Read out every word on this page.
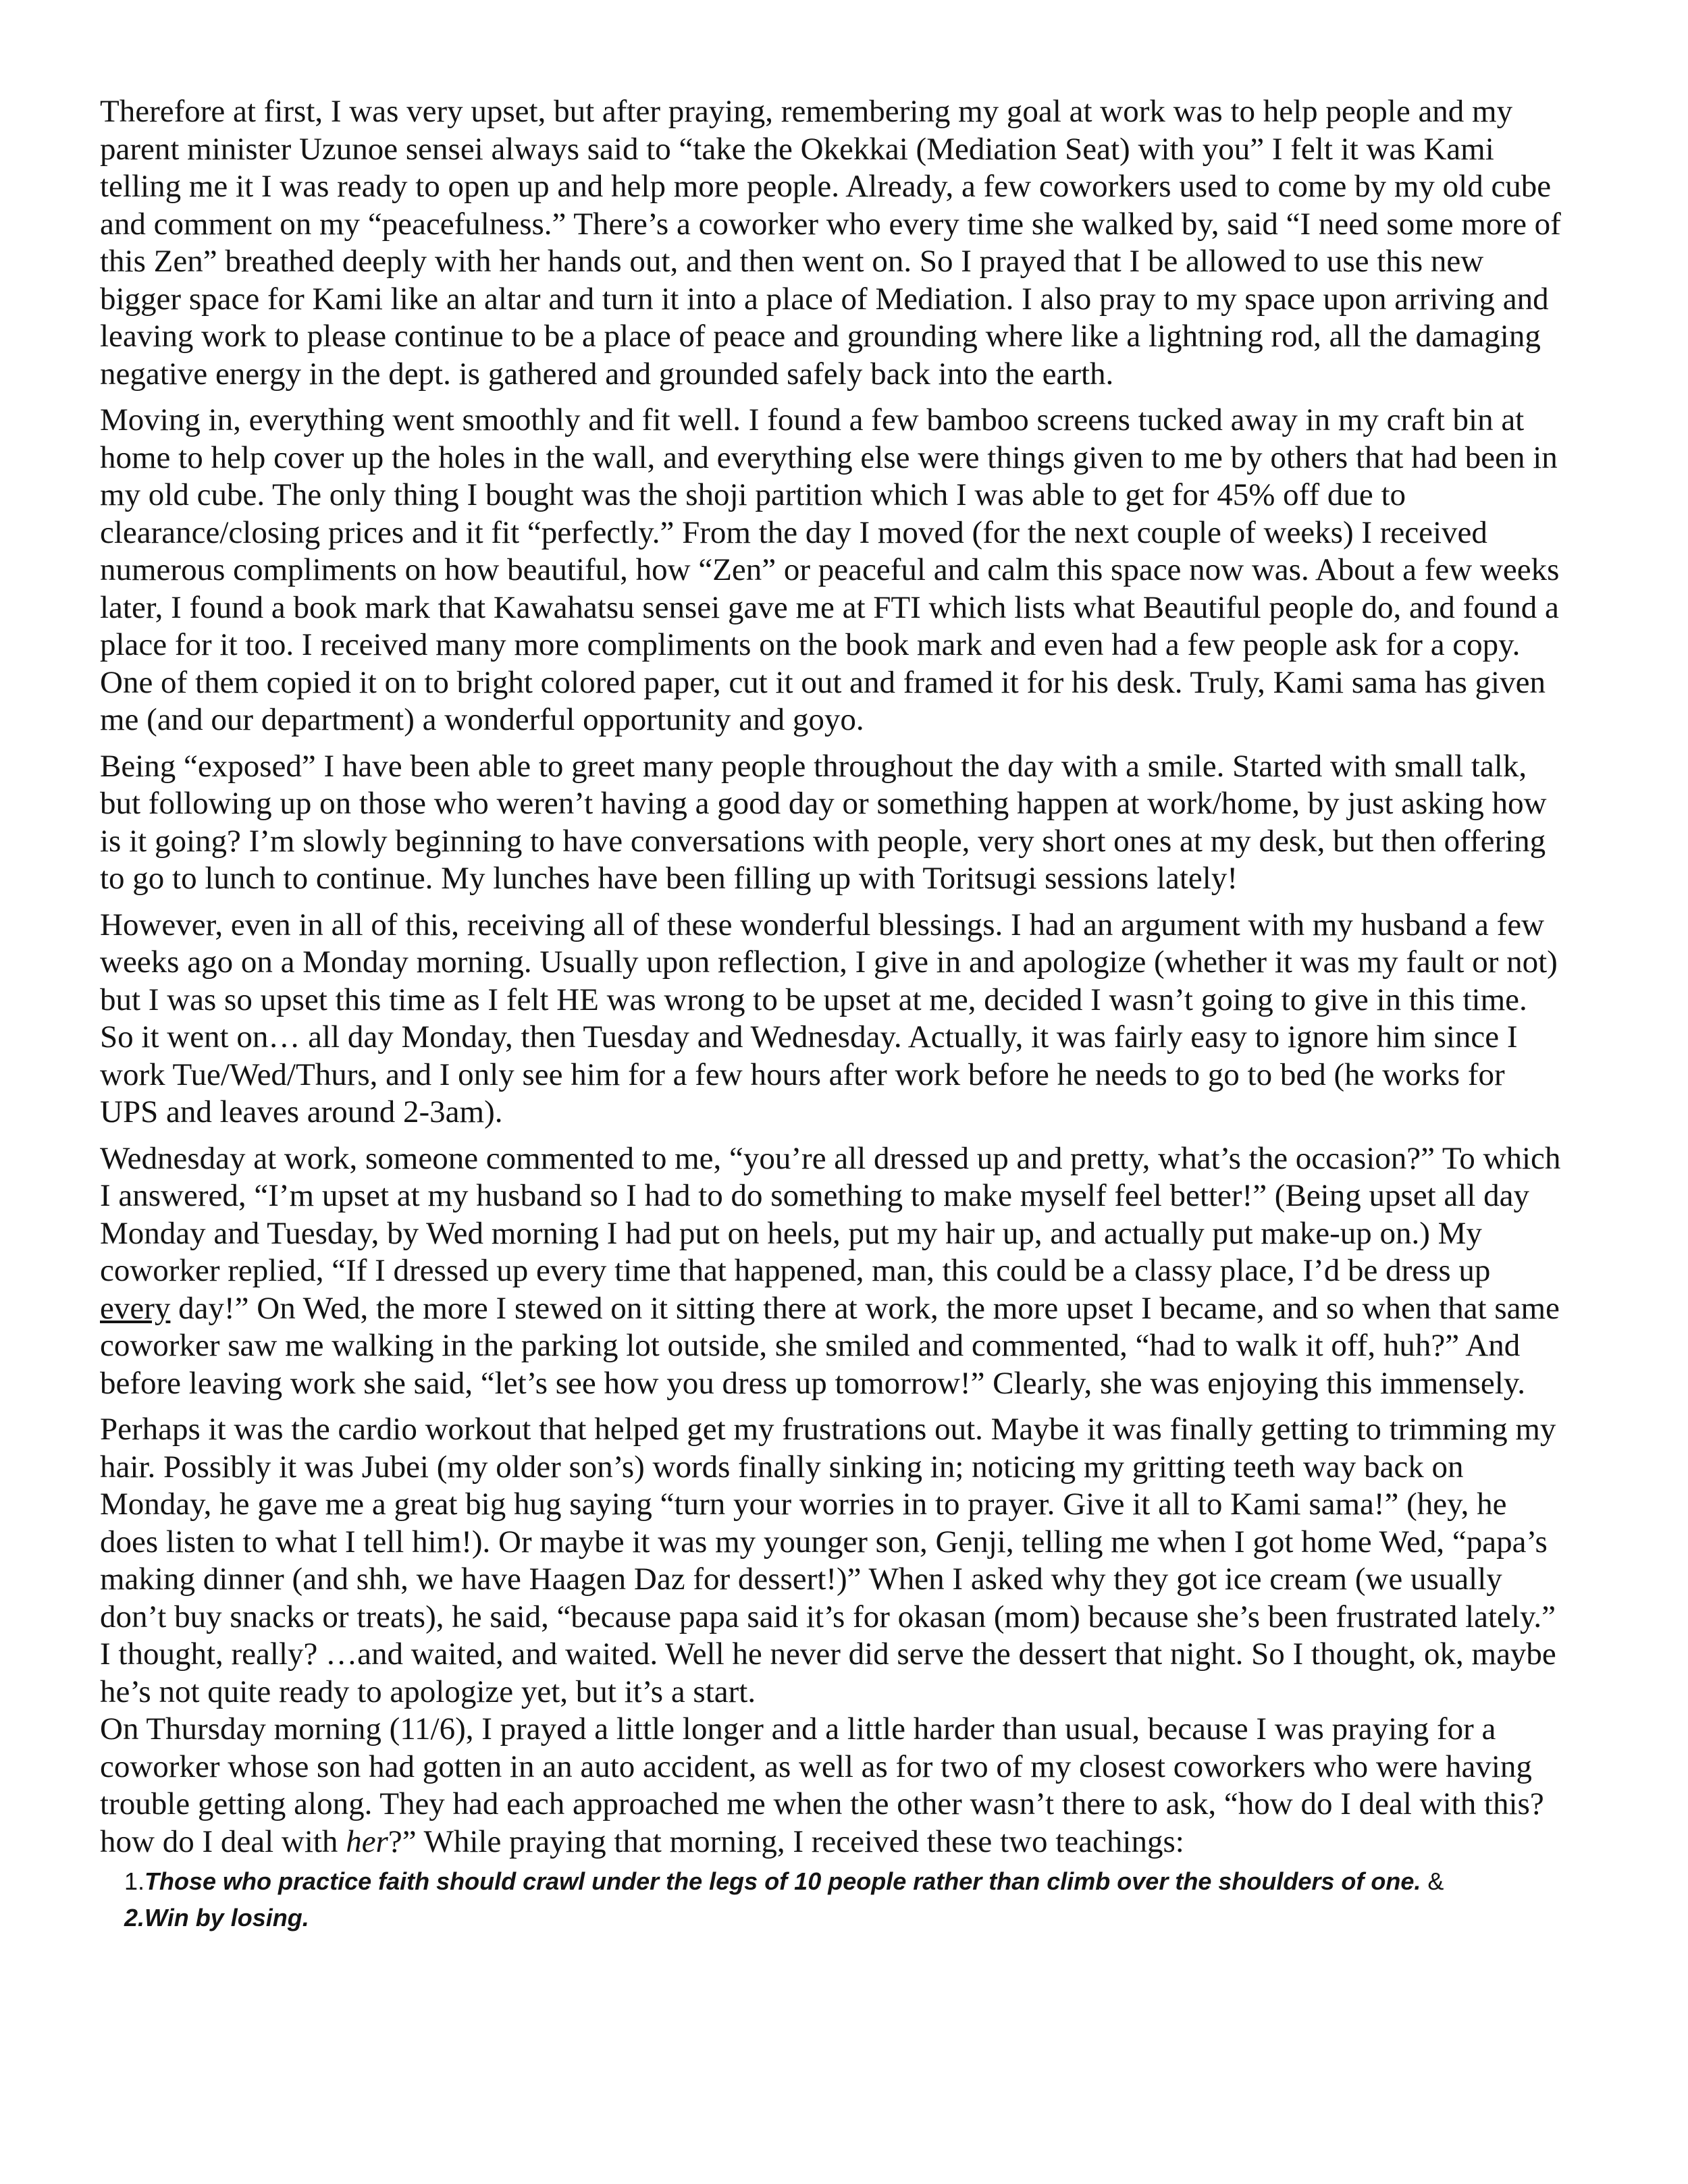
Therefore at first, I was very upset, but after praying, remembering my goal at work was to help people and my parent minister Uzunoe sensei always said to “take the Okekkai (Mediation Seat) with you” I felt it was Kami telling me it I was ready to open up and help more people. Already, a few coworkers used to come by my old cube and comment on my “peacefulness.” There’s a coworker who every time she walked by, said “I need some more of this Zen” breathed deeply with her hands out, and then went on. So I prayed that I be allowed to use this new bigger space for Kami like an altar and turn it into a place of Mediation. I also pray to my space upon arriving and leaving work to please continue to be a place of peace and grounding where like a lightning rod, all the damaging negative energy in the dept. is gathered and grounded safely back into the earth.

Moving in, everything went smoothly and fit well. I found a few bamboo screens tucked away in my craft bin at home to help cover up the holes in the wall, and everything else were things given to me by others that had been in my old cube. The only thing I bought was the shoji partition which I was able to get for 45% off due to clearance/closing prices and it fit “perfectly.” From the day I moved (for the next couple of weeks) I received numerous compliments on how beautiful, how “Zen” or peaceful and calm this space now was. About a few weeks later, I found a book mark that Kawahatsu sensei gave me at FTI which lists what Beautiful people do, and found a place for it too. I received many more compliments on the book mark and even had a few people ask for a copy. One of them copied it on to bright colored paper, cut it out and framed it for his desk. Truly, Kami sama has given me (and our department) a wonderful opportunity and goyo.

Being “exposed” I have been able to greet many people throughout the day with a smile. Started with small talk, but following up on those who weren’t having a good day or something happen at work/home, by just asking how is it going? I’m slowly beginning to have conversations with people, very short ones at my desk, but then offering to go to lunch to continue. My lunches have been filling up with Toritsugi sessions lately!

However, even in all of this, receiving all of these wonderful blessings. I had an argument with my husband a few weeks ago on a Monday morning. Usually upon reflection, I give in and apologize (whether it was my fault or not) but I was so upset this time as I felt HE was wrong to be upset at me, decided I wasn’t going to give in this time. So it went on… all day Monday, then Tuesday and Wednesday. Actually, it was fairly easy to ignore him since I work Tue/Wed/Thurs, and I only see him for a few hours after work before he needs to go to bed (he works for UPS and leaves around 2-3am).

Wednesday at work, someone commented to me, “you’re all dressed up and pretty, what’s the occasion?” To which I answered, “I’m upset at my husband so I had to do something to make myself feel better!” (Being upset all day Monday and Tuesday, by Wed morning I had put on heels, put my hair up, and actually put make-up on.) My coworker replied, “If I dressed up every time that happened, man, this could be a classy place, I’d be dress up every day!” On Wed, the more I stewed on it sitting there at work, the more upset I became, and so when that same coworker saw me walking in the parking lot outside, she smiled and commented, “had to walk it off, huh?” And before leaving work she said, “let’s see how you dress up tomorrow!” Clearly, she was enjoying this immensely.

Perhaps it was the cardio workout that helped get my frustrations out. Maybe it was finally getting to trimming my hair. Possibly it was Jubei (my older son’s) words finally sinking in; noticing my gritting teeth way back on Monday, he gave me a great big hug saying “turn your worries in to prayer. Give it all to Kami sama!” (hey, he does listen to what I tell him!). Or maybe it was my younger son, Genji, telling me when I got home Wed, “papa’s making dinner (and shh, we have Haagen Daz for dessert!)” When I asked why they got ice cream (we usually don’t buy snacks or treats), he said, “because papa said it’s for okasan (mom) because she’s been frustrated lately.” I thought, really? …and waited, and waited. Well he never did serve the dessert that night. So I thought, ok, maybe he’s not quite ready to apologize yet, but it’s a start.

On Thursday morning (11/6), I prayed a little longer and a little harder than usual, because I was praying for a coworker whose son had gotten in an auto accident, as well as for two of my closest coworkers who were having trouble getting along. They had each approached me when the other wasn’t there to ask, “how do I deal with this? how do I deal with her?” While praying that morning, I received these two teachings:

1.Those who practice faith should crawl under the legs of 10 people rather than climb over the shoulders of one. &
2.Win by losing.
